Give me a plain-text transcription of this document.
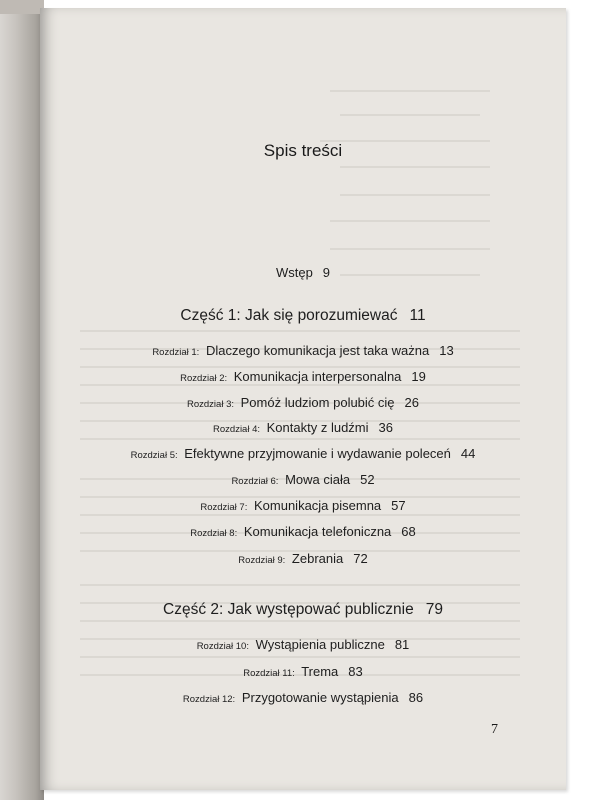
Spis treści
Wstęp 9
Część 1: Jak się porozumiewać 11
Rozdział 1: Dlaczego komunikacja jest taka ważna 13
Rozdział 2: Komunikacja interpersonalna 19
Rozdział 3: Pomóż ludziom polubić cię 26
Rozdział 4: Kontakty z ludźmi 36
Rozdział 5: Efektywne przyjmowanie i wydawanie poleceń 44
Rozdział 6: Mowa ciała 52
Rozdział 7: Komunikacja pisemna 57
Rozdział 8: Komunikacja telefoniczna 68
Rozdział 9: Zebrania 72
Część 2: Jak występować publicznie 79
Rozdział 10: Wystąpienia publiczne 81
Rozdział 11: Trema 83
Rozdział 12: Przygotowanie wystąpienia 86
7
